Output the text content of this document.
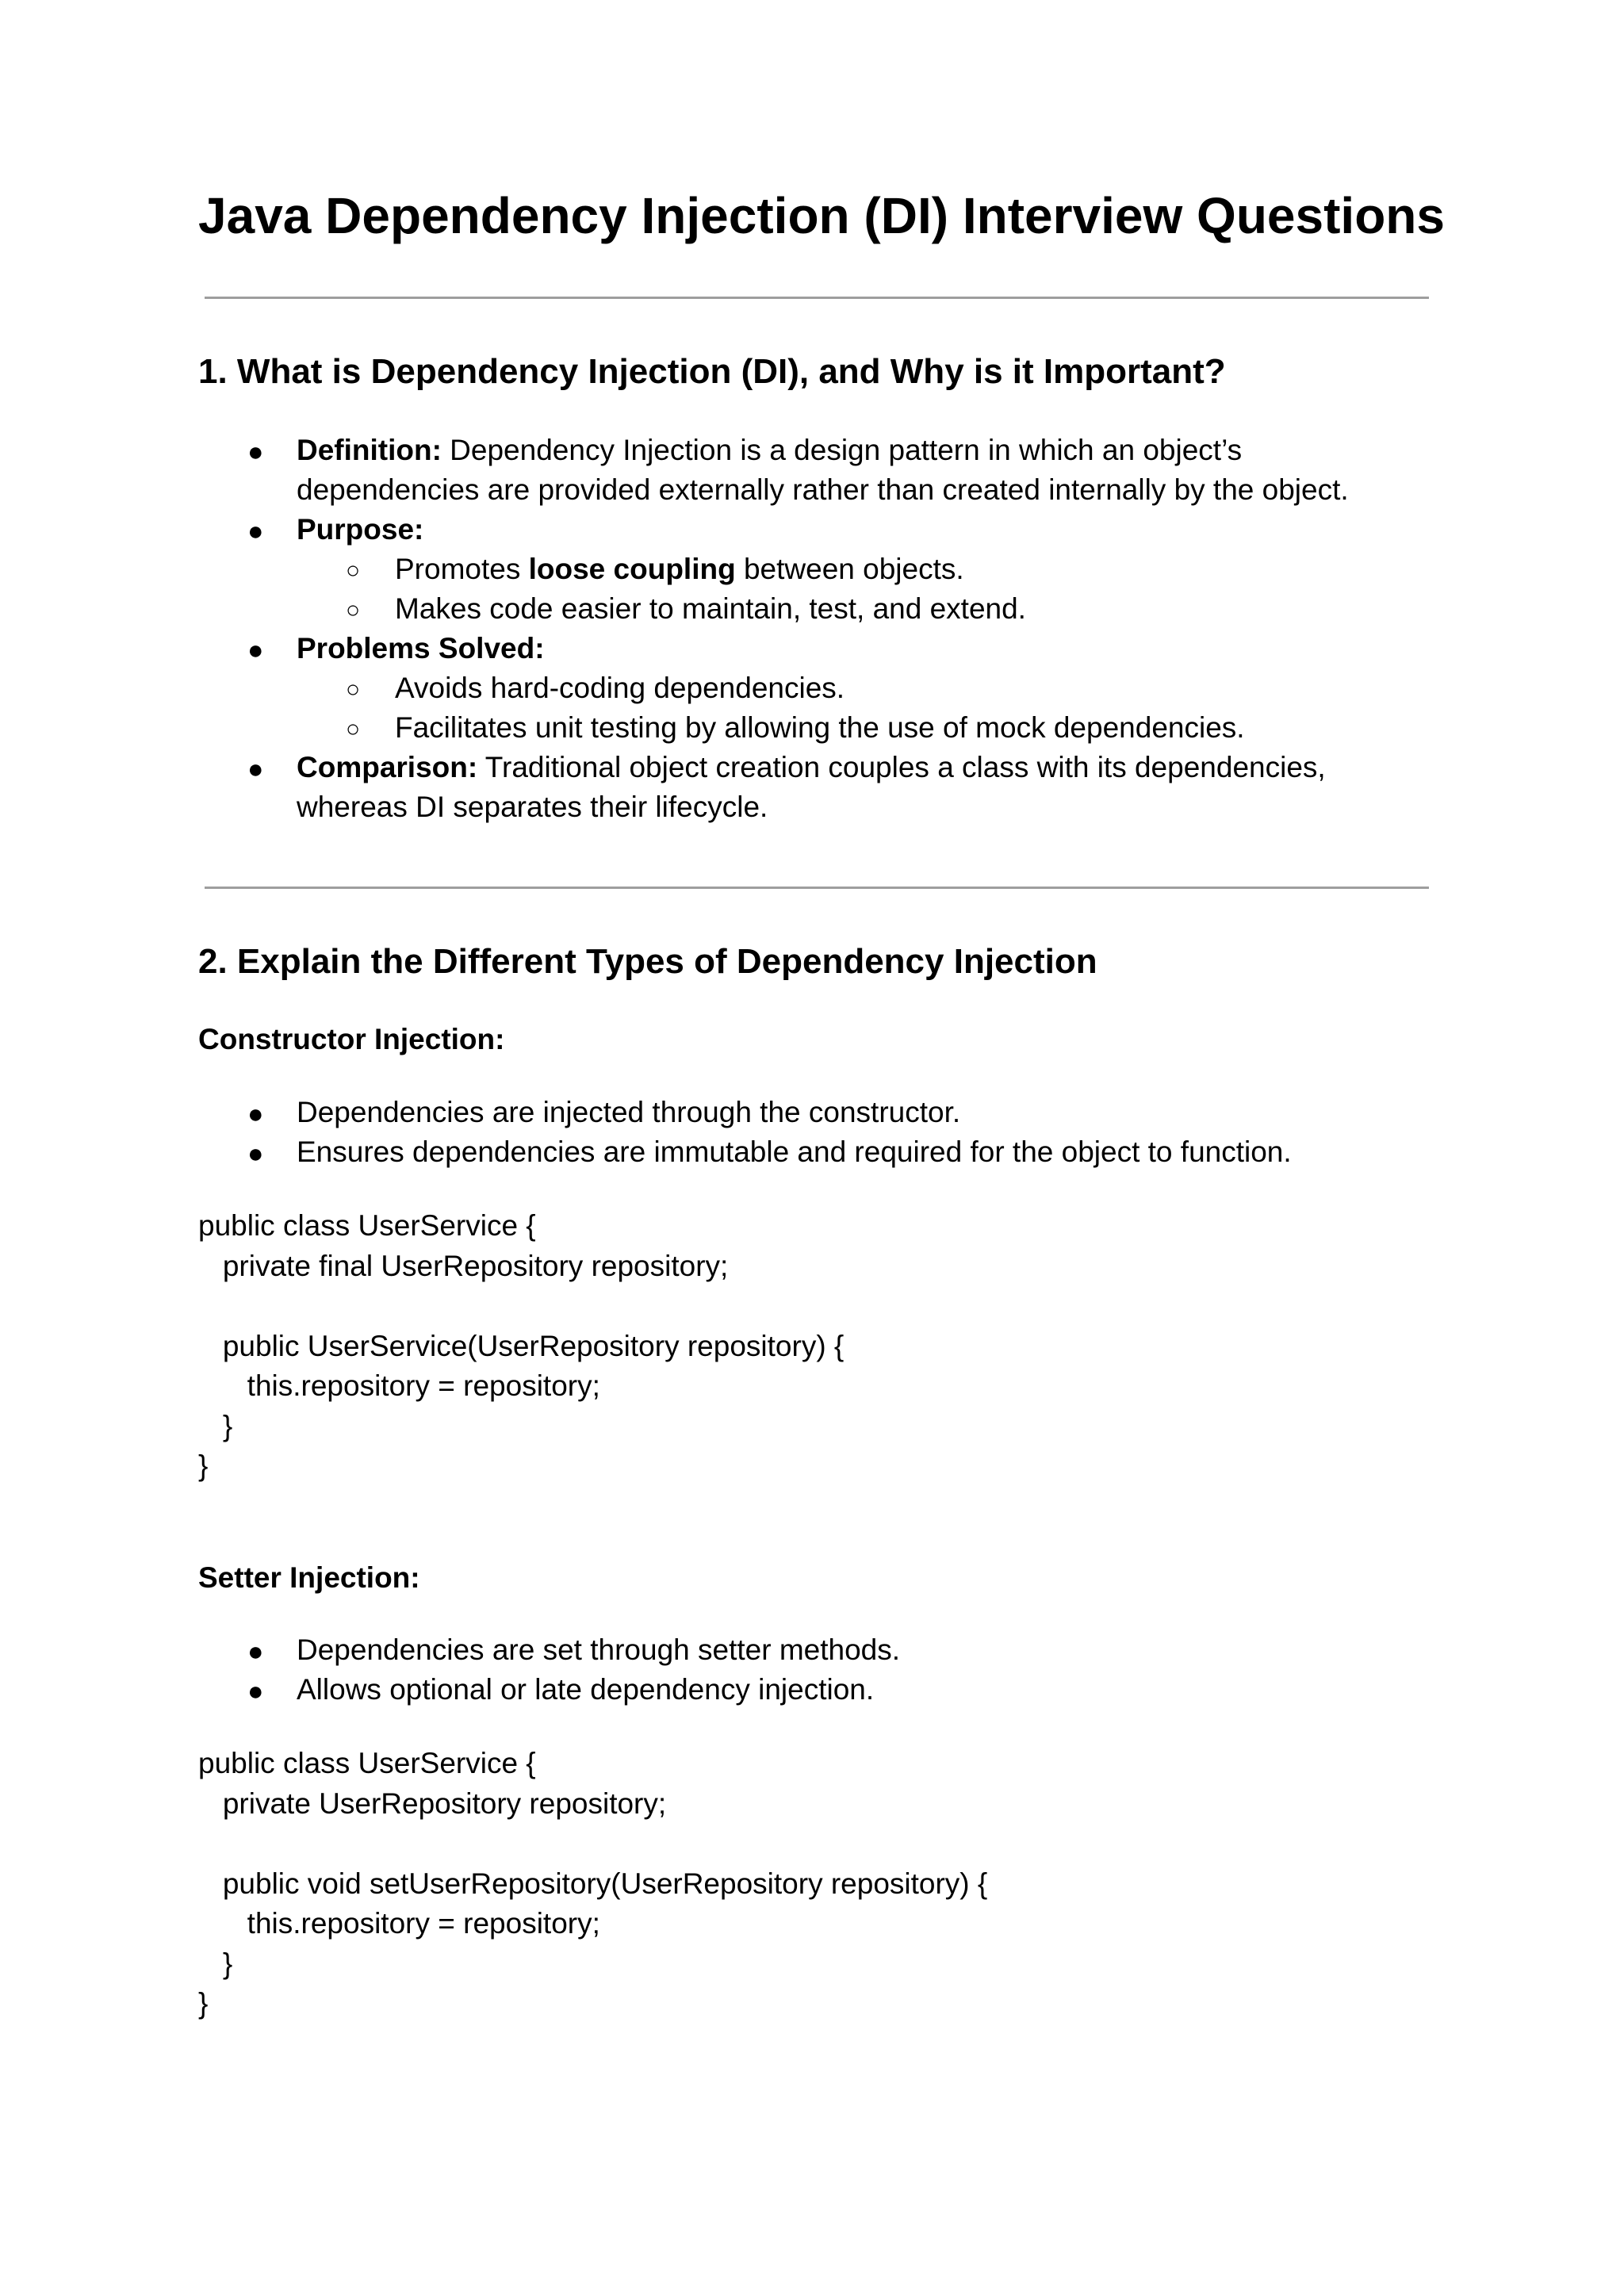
Java Dependency Injection (DI) Interview Questions
1. What is Dependency Injection (DI), and Why is it Important?
● Definition: Dependency Injection is a design pattern in which an object’s
dependencies are provided externally rather than created internally by the object.
● Purpose:
○ Promotes loose coupling between objects.
○ Makes code easier to maintain, test, and extend.
● Problems Solved:
○ Avoids hard-coding dependencies.
○ Facilitates unit testing by allowing the use of mock dependencies.
● Comparison: Traditional object creation couples a class with its dependencies,
whereas DI separates their lifecycle.
2. Explain the Different Types of Dependency Injection
Constructor Injection:
● Dependencies are injected through the constructor.
● Ensures dependencies are immutable and required for the object to function.
public class UserService {
private final UserRepository repository;

public UserService(UserRepository repository) {
this.repository = repository;
}
}
Setter Injection:
● Dependencies are set through setter methods.
● Allows optional or late dependency injection.
public class UserService {
private UserRepository repository;

public void setUserRepository(UserRepository repository) {
this.repository = repository;
}
}
